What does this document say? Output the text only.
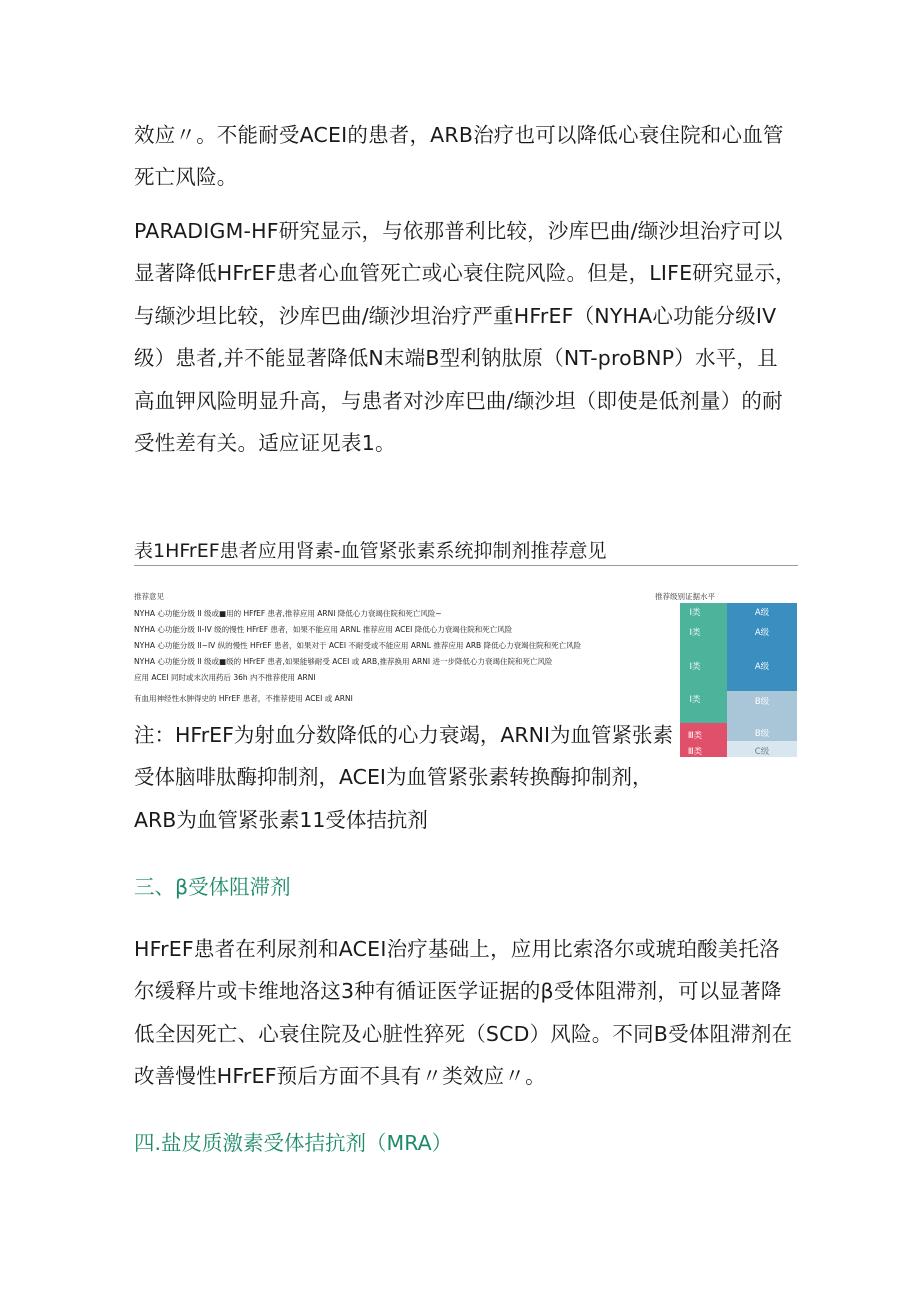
效应〃。不能耐受ACEI的患者，ARB治疗也可以降低心衰住院和心血管死亡风险。

PARADIGM-HF研究显示，与依那普利比较，沙库巴曲/缬沙坦治疗可以显著降低HFrEF患者心血管死亡或心衰住院风险。但是，LIFE研究显示，与缬沙坦比较，沙库巴曲/缬沙坦治疗严重HFrEF（NYHA心功能分级IV级）患者,并不能显著降低N末端B型利钠肽原（NT-proBNP）水平，且高血钾风险明显升高，与患者对沙库巴曲/缬沙坦（即使是低剂量）的耐受性差有关。适应证见表1。

表1HFrEF患者应用肾素-血管紧张素系统抑制剂推荐意见

推荐意见	推荐级别证据水平
NYHA 心功能分级 II 级或■用的 HFfEF 患者,推荐应用 ARNI 降低心力衰竭住院和死亡风险~
NYHA 心功能分级 II-IV 级的慢性 HFrEF 患者，如果不能应用 ARNL 推荐应用 ACEI 降低心力衰竭住院和死亡风险
NYHA 心功能分级 II~IV 纵的慢性 HFrEF 患者，如果对于 ACEI 不耐受或不能应用 ARNL 推荐应用 ARB 降低心力衰竭住院和死亡风险
NYHA 心功能分级 II 级或■级的 HFrEF 患者,如果能够耐受 ACEI 或 ARB,推荐换用 ARNI 进一步降低心力衰竭住院和死亡风险
应用 ACEI 同时或末次用药后 36h 内不推荐使用 ARNI
有血用神经性水肿得史的 HFrEF 患者，不推荐使用 ACEI 或 ARNI
I类
I类
I类
I类
Ⅲ类
Ⅲ类
A级
A级
A级
B级
B级
C级

注：HFrEF为射血分数降低的心力衰竭，ARNI为血管紧张素受体脑啡肽酶抑制剂，ACEI为血管紧张素转换酶抑制剂，ARB为血管紧张素11受体拮抗剂

三、β受体阻滞剂

HFrEF患者在利尿剂和ACEI治疗基础上，应用比索洛尔或琥珀酸美托洛尔缓释片或卡维地洛这3种有循证医学证据的β受体阻滞剂，可以显著降低全因死亡、心衰住院及心脏性猝死（SCD）风险。不同B受体阻滞剂在改善慢性HFrEF预后方面不具有〃类效应〃。

四.盐皮质激素受体拮抗剂（MRA）
